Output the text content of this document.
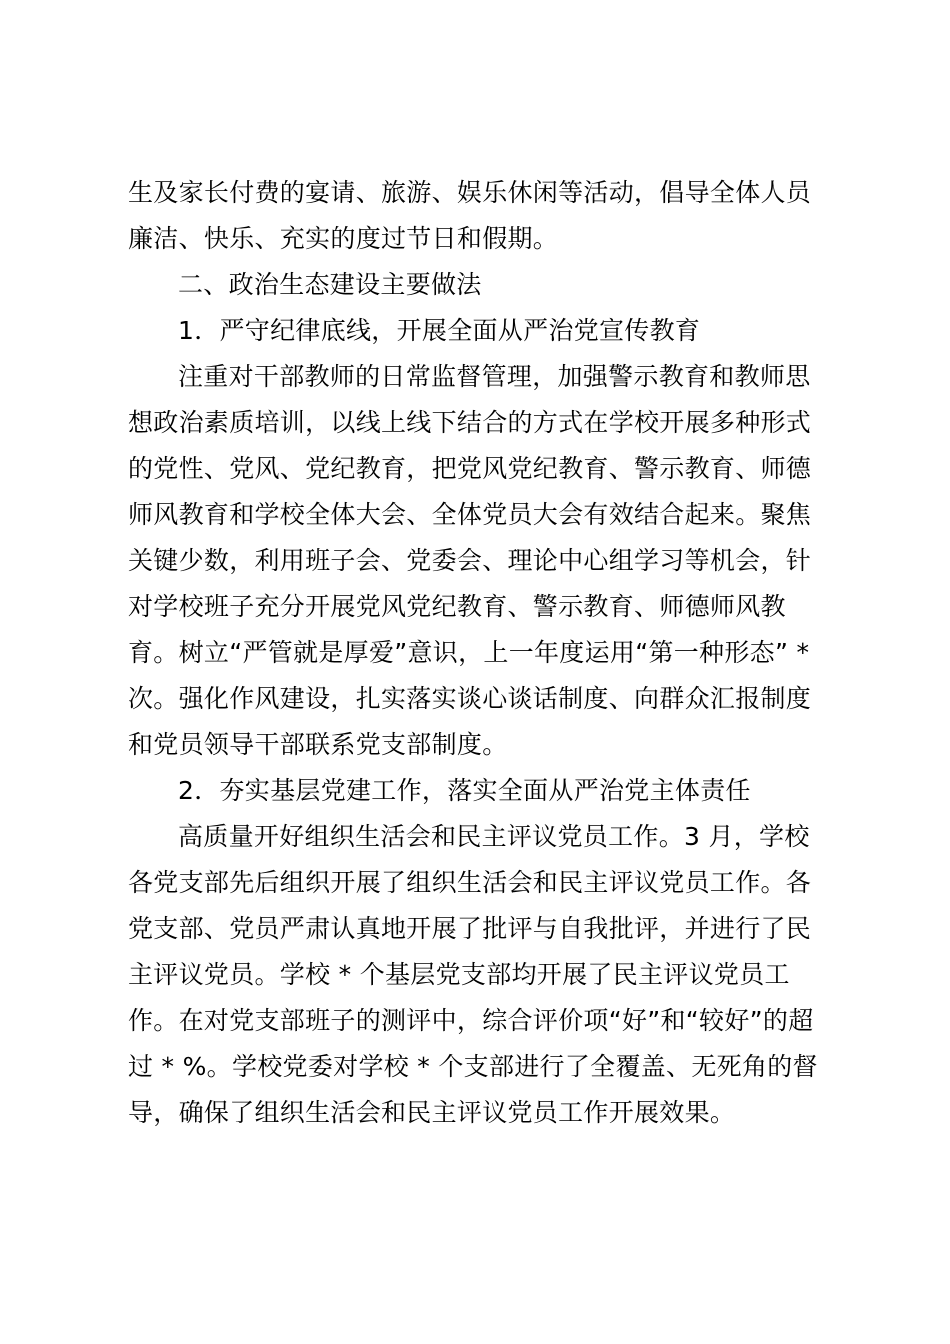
生及家长付费的宴请、旅游、娱乐休闲等活动，倡导全体人员
廉洁、快乐、充实的度过节日和假期。
二、政治生态建设主要做法
1．严守纪律底线，开展全面从严治党宣传教育
注重对干部教师的日常监督管理，加强警示教育和教师思
想政治素质培训，以线上线下结合的方式在学校开展多种形式
的党性、党风、党纪教育，把党风党纪教育、警示教育、师德
师风教育和学校全体大会、全体党员大会有效结合起来。聚焦
关键少数，利用班子会、党委会、理论中心组学习等机会，针
对学校班子充分开展党风党纪教育、警示教育、师德师风教
育。树立“严管就是厚爱”意识，上一年度运用“第一种形态” *
次。强化作风建设，扎实落实谈心谈话制度、向群众汇报制度
和党员领导干部联系党支部制度。
2．夯实基层党建工作，落实全面从严治党主体责任
高质量开好组织生活会和民主评议党员工作。3 月，学校
各党支部先后组织开展了组织生活会和民主评议党员工作。各
党支部、党员严肃认真地开展了批评与自我批评，并进行了民
主评议党员。学校 * 个基层党支部均开展了民主评议党员工
作。在对党支部班子的测评中，综合评价项“好”和“较好”的超
过 * %。学校党委对学校 * 个支部进行了全覆盖、无死角的督
导，确保了组织生活会和民主评议党员工作开展效果。
